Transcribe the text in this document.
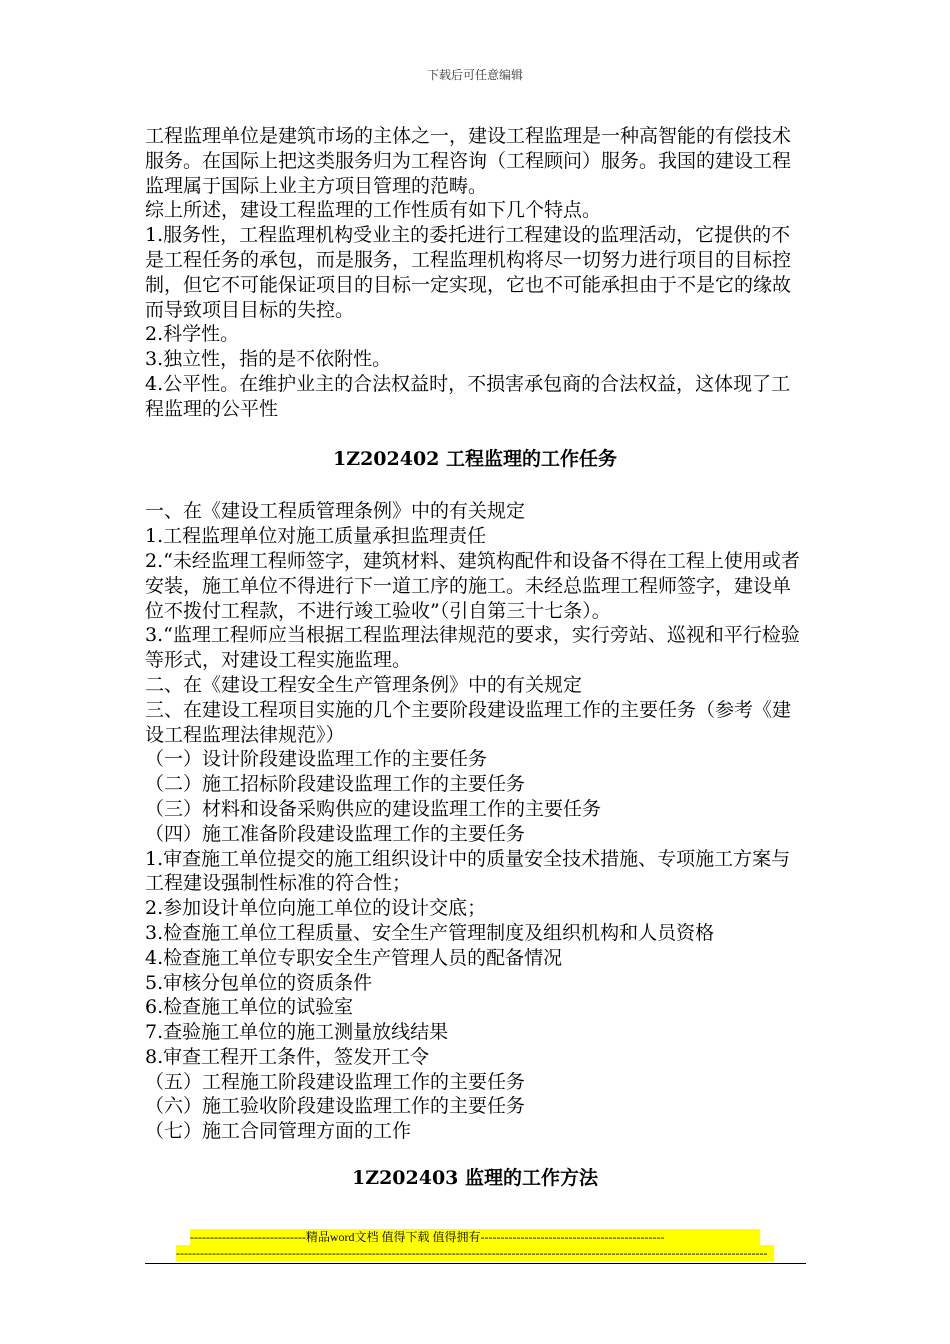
下载后可任意编辑

工程监理单位是建筑市场的主体之一，建设工程监理是一种高智能的有偿技术服务。在国际上把这类服务归为工程咨询（工程顾问）服务。我国的建设工程监理属于国际上业主方项目管理的范畴。

综上所述，建设工程监理的工作性质有如下几个特点。

1.服务性，工程监理机构受业主的委托进行工程建设的监理活动，它提供的不是工程任务的承包，而是服务，工程监理机构将尽一切努力进行项目的目标控制，但它不可能保证项目的目标一定实现，它也不可能承担由于不是它的缘故而导致项目目标的失控。

2.科学性。

3.独立性，指的是不依附性。

4.公平性。在维护业主的合法权益时，不损害承包商的合法权益，这体现了工程监理的公平性

1Z202402 工程监理的工作任务

一、在《建设工程质管理条例》中的有关规定

1.工程监理单位对施工质量承担监理责任

2.“未经监理工程师签字，建筑材料、建筑构配件和设备不得在工程上使用或者安装，施工单位不得进行下一道工序的施工。未经总监理工程师签字，建设单位不拨付工程款，不进行竣工验收”（引自第三十七条）。

3.“监理工程师应当根据工程监理法律规范的要求，实行旁站、巡视和平行检验等形式，对建设工程实施监理。

二、在《建设工程安全生产管理条例》中的有关规定

三、在建设工程项目实施的几个主要阶段建设监理工作的主要任务（参考《建设工程监理法律规范》）

（一）设计阶段建设监理工作的主要任务

（二）施工招标阶段建设监理工作的主要任务

（三）材料和设备采购供应的建设监理工作的主要任务

（四）施工准备阶段建设监理工作的主要任务

1.审查施工单位提交的施工组织设计中的质量安全技术措施、专项施工方案与工程建设强制性标准的符合性；

2.参加设计单位向施工单位的设计交底；

3.检查施工单位工程质量、安全生产管理制度及组织机构和人员资格

4.检查施工单位专职安全生产管理人员的配备情况

5.审核分包单位的资质条件

6.检查施工单位的试验室

7.查验施工单位的施工测量放线结果

8.审查工程开工条件，签发开工令

（五）工程施工阶段建设监理工作的主要任务

（六）施工验收阶段建设监理工作的主要任务

（七）施工合同管理方面的工作

1Z202403 监理的工作方法
-----------------------------精品word文档 值得下载 值得拥有----------------------------------------------
----------------------------------------------------------------------------------------------------------------------------------------------------
